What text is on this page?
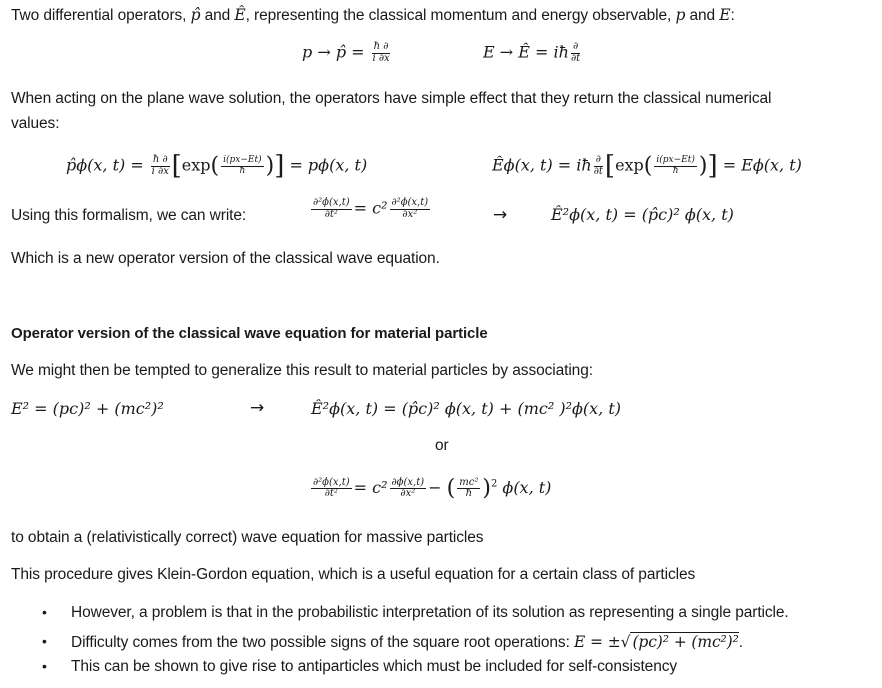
Two differential operators, p̂ and Ê, representing the classical momentum and energy observable, p and E:
p → p̂ = $\frac{ħ \partial}{i \partial x}$	E → Ê = iħ $\frac{\partial}{\partial t}$
When acting on the plane wave solution, the operators have simple effect that they return the classical numerical
values:
p̂ϕ(x, $t) = \frac{ħ \partial}{i \partial x} [\exp( \frac{i(px-Et)}{ħ}$ )] = pϕ(x, t)	Êϕ(x, t) = iħ $\frac{\partial}{\partial t} [\exp( \frac{i(px-Et)}{ħ}$ )] = Eϕ(x, t)
Using this formalism, we can write:	$\frac{\text{∂²ϕ(x,t)}}{\text{∂t²}} = c^2 \frac{\text{∂²ϕ(x,t)}}{\text{∂x²}}$	→	Ê²ϕ(x, t) = (p̂c)² ϕ(x, t)
Which is a new operator version of the classical wave equation.
Operator version of the classical wave equation for material particle
We might then be tempted to generalize this result to material particles by associating:
E² = (pc)² + (mc²)²	→	Ê²ϕ(x, t) = (p̂c)² ϕ(x, t) + (mc² )²ϕ(x, t)
or
$\frac{\text{∂²ϕ(x,t)}}{\text{∂t²}} = c^2 \frac{\partial\phi(x,t)}{\text{∂x²}}$ − ( $\frac{\text{mc²}}{ħ} )^2$ ϕ(x, t)
to obtain a (relativistically correct) wave equation for massive particles
This procedure gives Klein-Gordon equation, which is a useful equation for a certain class of particles
• However, a problem is that in the probabilistic interpretation of its solution as representing a single particle.
• Difficulty comes from the two possible signs of the square root operations: E = ±√ (pc)² + (mc²)².
• This can be shown to give rise to antiparticles which must be included for self-consistency
